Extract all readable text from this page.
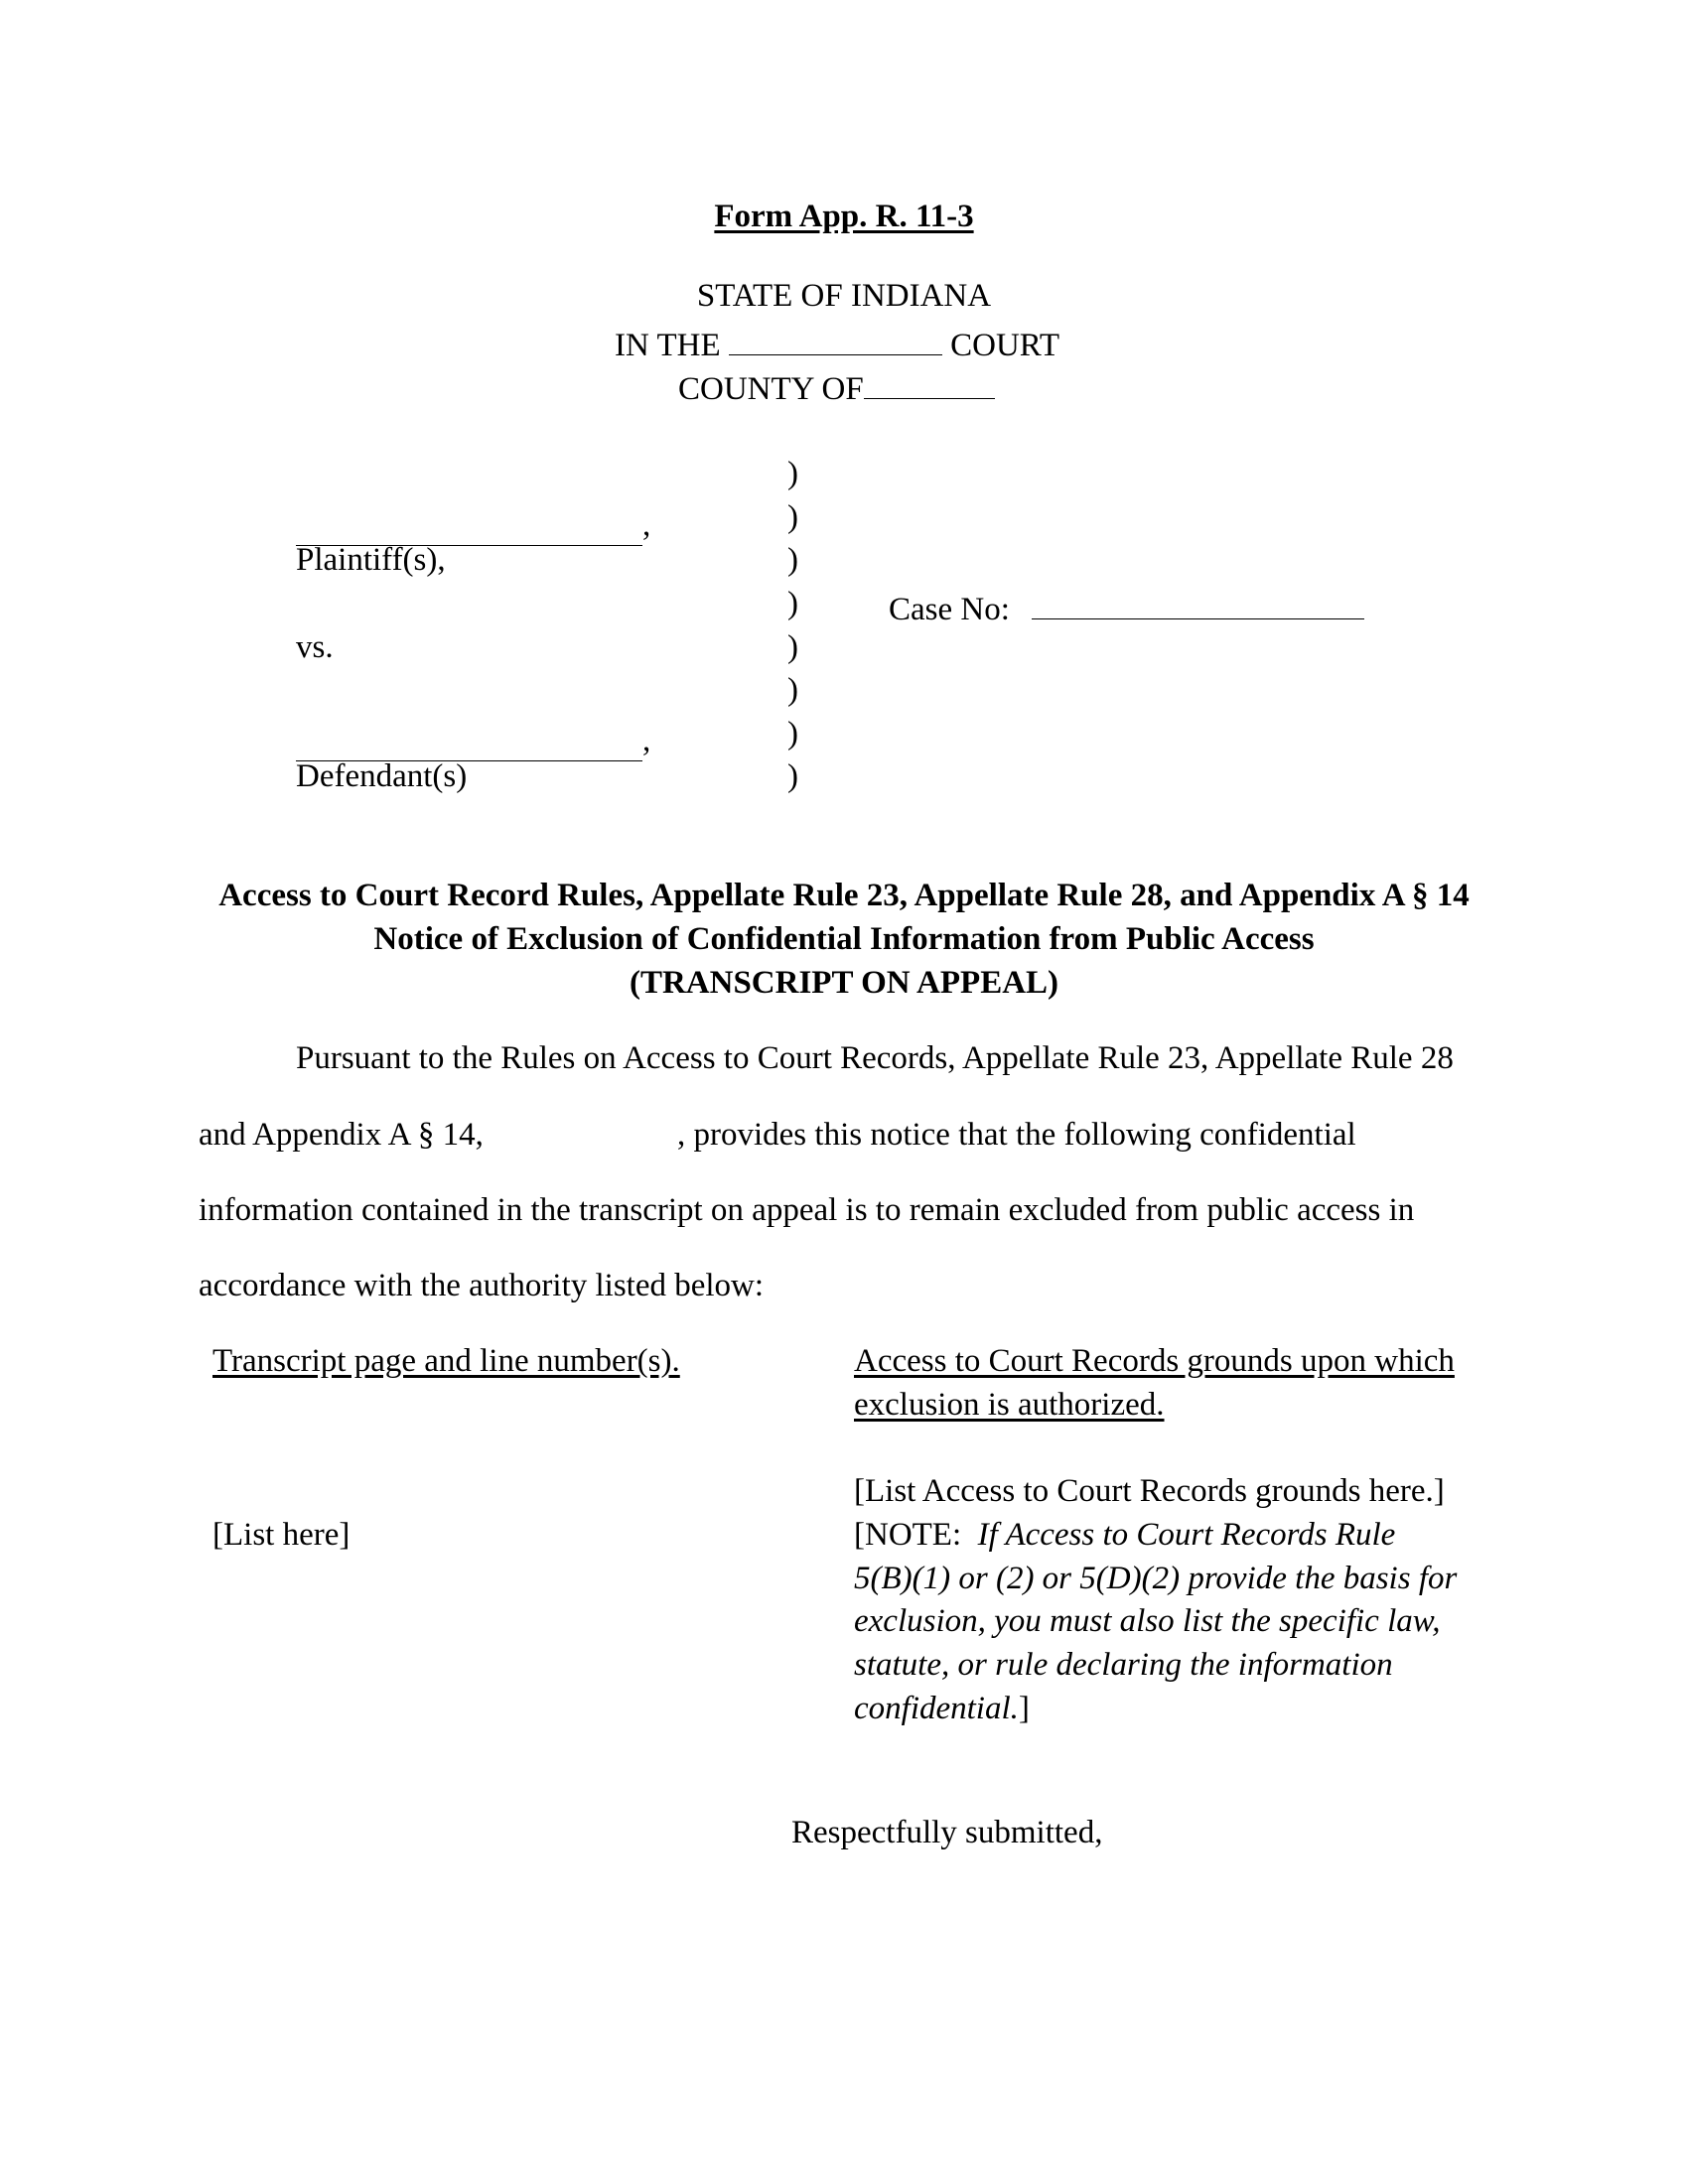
Form App. R. 11-3
STATE OF INDIANA
IN THE	COURT
COUNTY OF
,
Plaintiff(s),
vs.
,
Defendant(s)
)
)
)
)
)
)
)
)
Case No:
Access to Court Record Rules, Appellate Rule 23, Appellate Rule 28, and Appendix A § 14
Notice of Exclusion of Confidential Information from Public Access
(TRANSCRIPT ON APPEAL)
Pursuant to the Rules on Access to Court Records, Appellate Rule 23, Appellate Rule 28
and Appendix A § 14,	, provides this notice that the following confidential
information contained in the transcript on appeal is to remain excluded from public access in
accordance with the authority listed below:
Transcript page and line number(s).	Access to Court Records grounds upon which
exclusion is authorized.
[List here]
[List Access to Court Records grounds here.]
[NOTE: If Access to Court Records Rule
5(B)(1) or (2) or 5(D)(2) provide the basis for
exclusion, you must also list the specific law,
statute, or rule declaring the information
confidential.]
Respectfully submitted,
